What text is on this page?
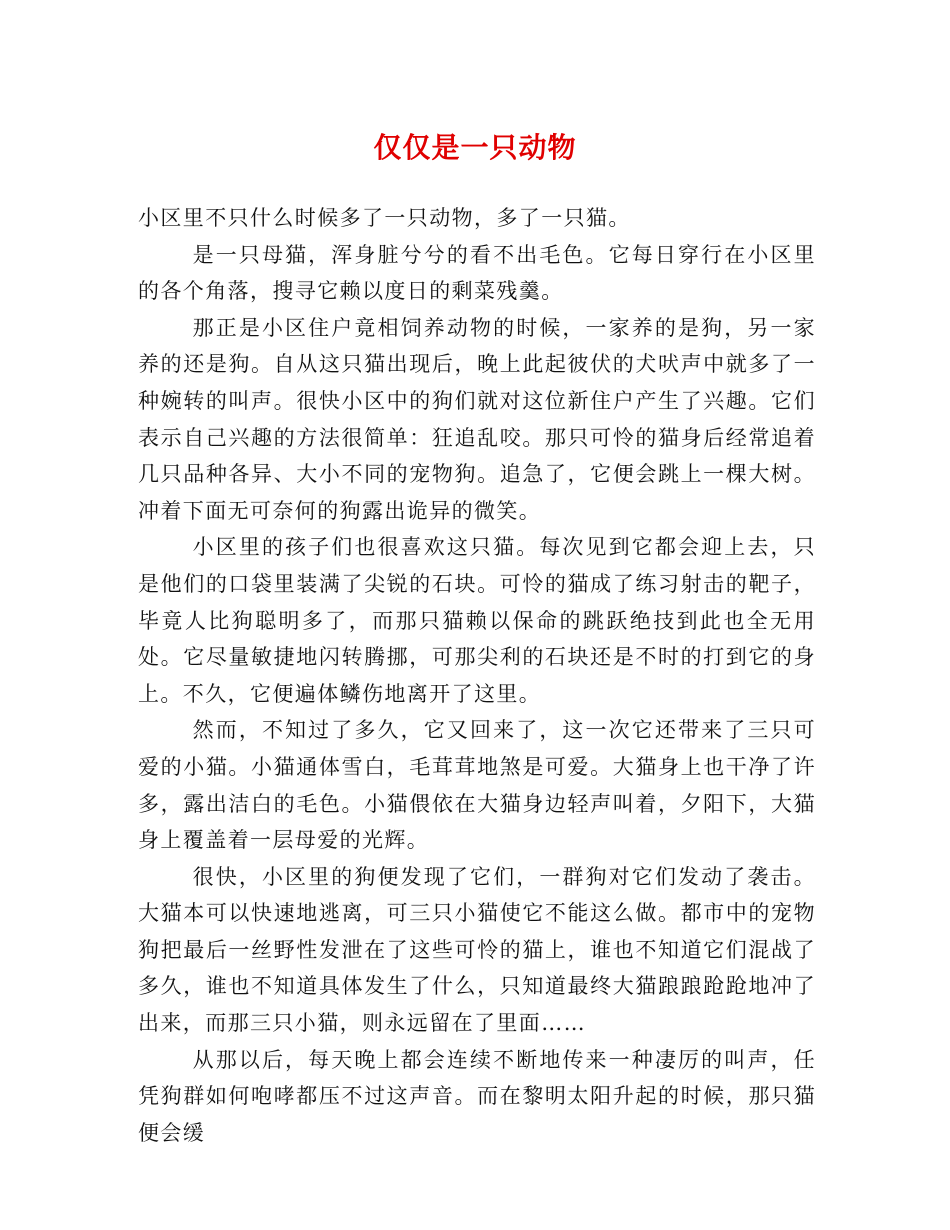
仅仅是一只动物

小区里不只什么时候多了一只动物，多了一只猫。

是一只母猫，浑身脏兮兮的看不出毛色。它每日穿行在小区里的各个角落，搜寻它赖以度日的剩菜残羹。

那正是小区住户竟相饲养动物的时候，一家养的是狗，另一家养的还是狗。自从这只猫出现后，晚上此起彼伏的犬吠声中就多了一种婉转的叫声。很快小区中的狗们就对这位新住户产生了兴趣。它们表示自己兴趣的方法很简单：狂追乱咬。那只可怜的猫身后经常追着几只品种各异、大小不同的宠物狗。追急了，它便会跳上一棵大树。冲着下面无可奈何的狗露出诡异的微笑。

小区里的孩子们也很喜欢这只猫。每次见到它都会迎上去，只是他们的口袋里装满了尖锐的石块。可怜的猫成了练习射击的靶子，毕竟人比狗聪明多了，而那只猫赖以保命的跳跃绝技到此也全无用处。它尽量敏捷地闪转腾挪，可那尖利的石块还是不时的打到它的身上。不久，它便遍体鳞伤地离开了这里。

然而，不知过了多久，它又回来了，这一次它还带来了三只可爱的小猫。小猫通体雪白，毛茸茸地煞是可爱。大猫身上也干净了许多，露出洁白的毛色。小猫偎依在大猫身边轻声叫着，夕阳下，大猫身上覆盖着一层母爱的光辉。

很快，小区里的狗便发现了它们，一群狗对它们发动了袭击。大猫本可以快速地逃离，可三只小猫使它不能这么做。都市中的宠物狗把最后一丝野性发泄在了这些可怜的猫上，谁也不知道它们混战了多久，谁也不知道具体发生了什么，只知道最终大猫踉踉跄跄地冲了出来，而那三只小猫，则永远留在了里面……

从那以后，每天晚上都会连续不断地传来一种凄厉的叫声，任凭狗群如何咆哮都压不过这声音。而在黎明太阳升起的时候，那只猫便会缓
